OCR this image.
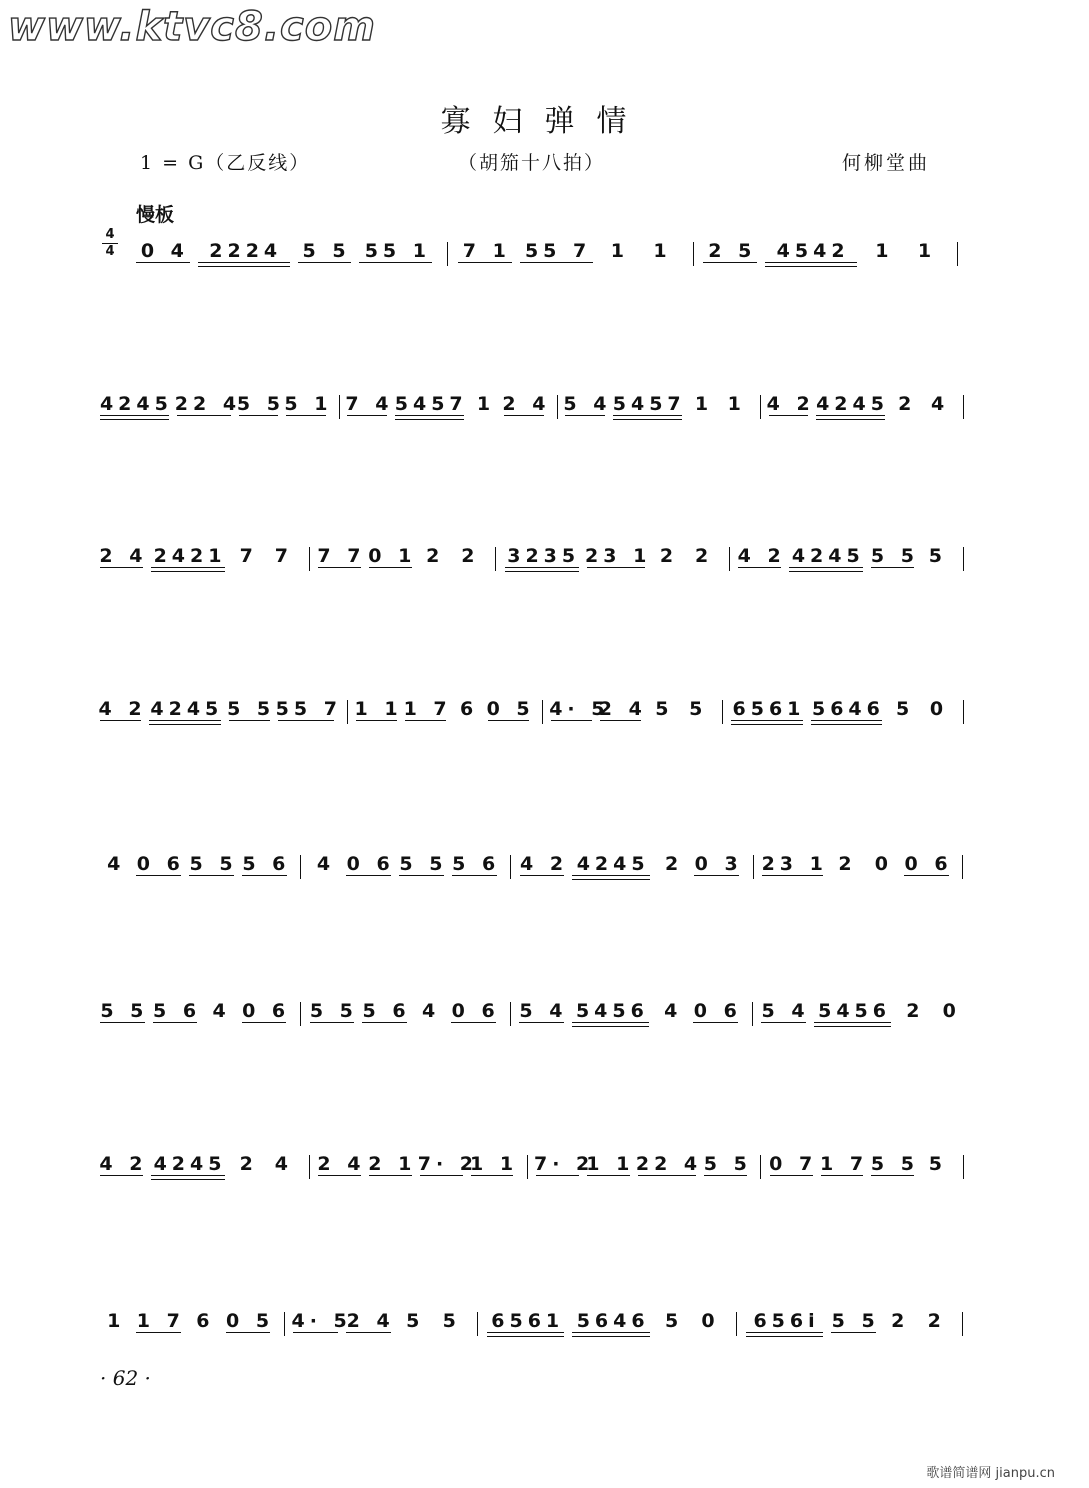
www.ktvc8.com
寡妇弹情
1 = G（乙反线）	（胡笳十八拍）	何柳堂曲
慢板
4
4	0 4	2224	5 5 55 1	7 1 55 7	1	1	2 5	4542	1	1
4245 22 4
5 5 5 1 7 4 5457 1 2 4 5 4 5457 1 1	4 2 4245 2 4
2 4 2421 7 7	7 7 0 1 2 2	3235 23 1 2 2	4 2 4245 5 5 5
4 2 4245 5 5 55 7 1 1 1 7 6 0 5 4· 5
2 4 5 5	6561 5646 5 0
4 0 6 5 5 5 6	4 0 6 5 5 5 6 4 2 4245 2 0 3 23 1 2 0 0 6
5 5 5 6 4 0 6 5 5 5 6 4 0 6 5 4 5456 4 0 6 5 4 5456 2 0
4 2 4245 2 4	2 4 2 1 7· 2
1 1 7· 2
1 1 22 4 5 5 0 7 1 7 5 5 5
1 1 7 6 0 5 4· 5
2 4 5 5	6561 5646 5 0	656i 5 5 2 2
· 62 ·
歌谱简谱网 jianpu.cn
